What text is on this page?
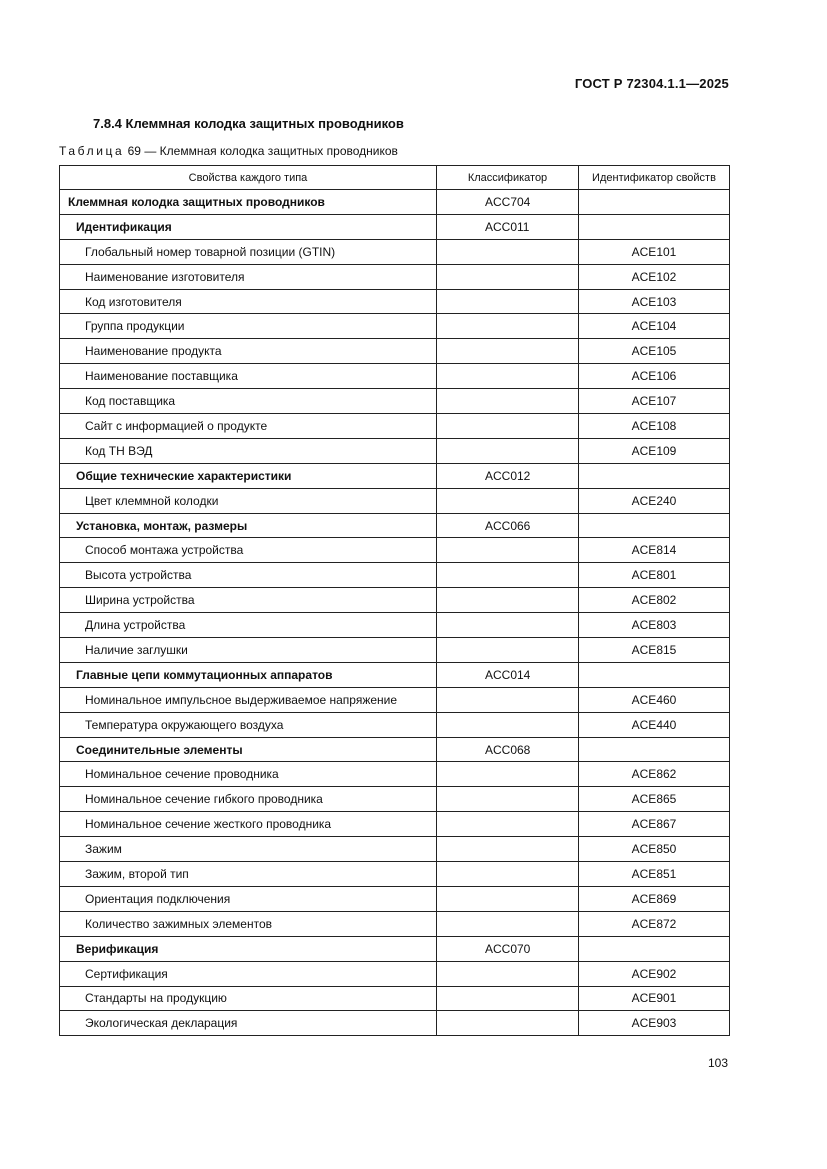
ГОСТ Р 72304.1.1—2025
7.8.4 Клеммная колодка защитных проводников
Таблица 69 — Клеммная колодка защитных проводников
Свойства каждого типа	Классификатор	Идентификатор свойств
Клеммная колодка защитных проводников	ACC704	
Идентификация	ACC011	
Глобальный номер товарной позиции (GTIN)		ACE101
Наименование изготовителя		ACE102
Код изготовителя		ACE103
Группа продукции		ACE104
Наименование продукта		ACE105
Наименование поставщика		ACE106
Код поставщика		ACE107
Сайт с информацией о продукте		ACE108
Код ТН ВЭД		ACE109
Общие технические характеристики	ACC012	
Цвет клеммной колодки		ACE240
Установка, монтаж, размеры	ACC066	
Способ монтажа устройства		ACE814
Высота устройства		ACE801
Ширина устройства		ACE802
Длина устройства		ACE803
Наличие заглушки		ACE815
Главные цепи коммутационных аппаратов	ACC014	
Номинальное импульсное выдерживаемое напряжение		ACE460
Температура окружающего воздуха		ACE440
Соединительные элементы	ACC068	
Номинальное сечение проводника		ACE862
Номинальное сечение гибкого проводника		ACE865
Номинальное сечение жесткого проводника		ACE867
Зажим		ACE850
Зажим, второй тип		ACE851
Ориентация подключения		ACE869
Количество зажимных элементов		ACE872
Верификация	ACC070	
Сертификация		ACE902
Стандарты на продукцию		ACE901
Экологическая декларация		ACE903
103
